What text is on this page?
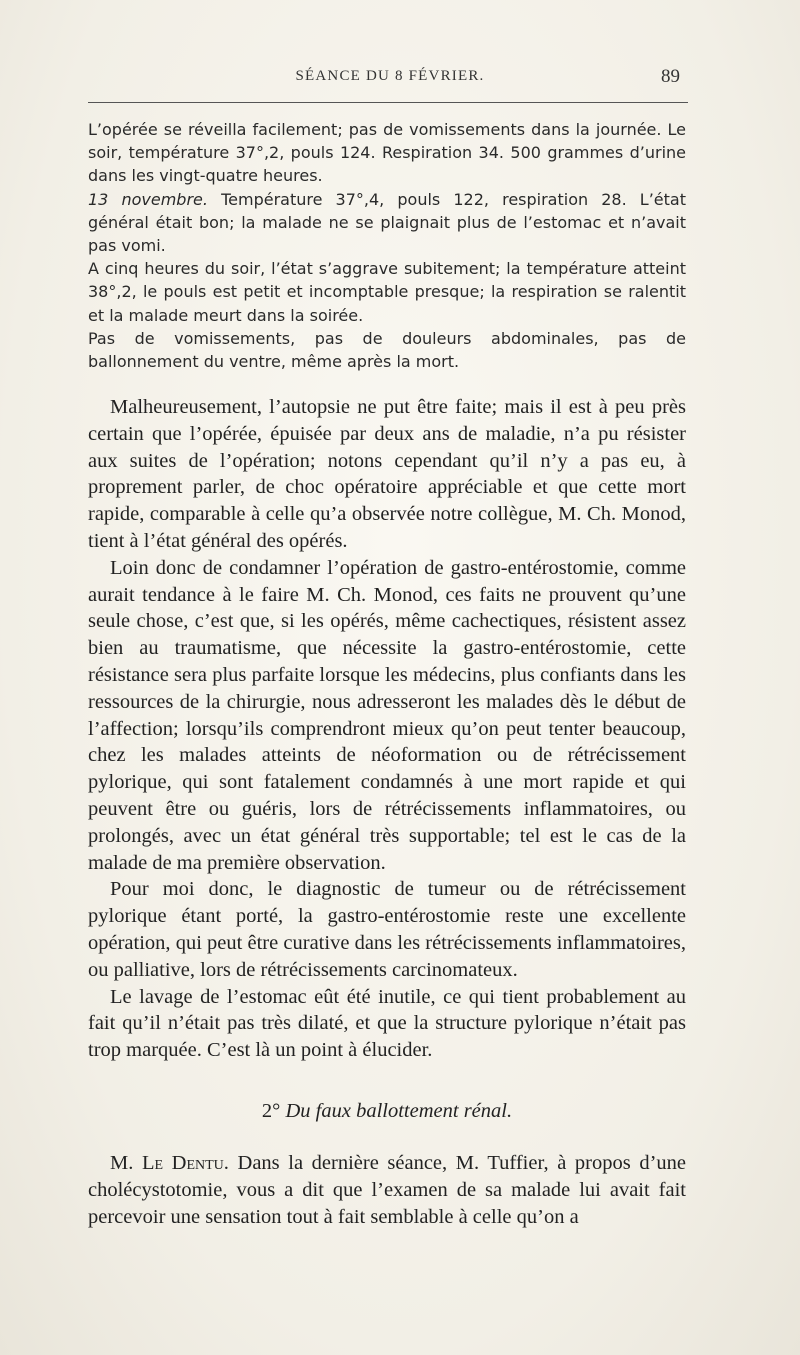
SÉANCE DU 8 FÉVRIER.	89

L’opérée se réveilla facilement; pas de vomissements dans la journée. Le soir, température 37°,2, pouls 124. Respiration 34. 500 grammes d’urine dans les vingt-quatre heures.

13 novembre. Température 37°,4, pouls 122, respiration 28. L’état général était bon; la malade ne se plaignait plus de l’estomac et n’avait pas vomi.

A cinq heures du soir, l’état s’aggrave subitement; la température atteint 38°,2, le pouls est petit et incomptable presque; la respiration se ralentit et la malade meurt dans la soirée.

Pas de vomissements, pas de douleurs abdominales, pas de ballonnement du ventre, même après la mort.

Malheureusement, l’autopsie ne put être faite; mais il est à peu près certain que l’opérée, épuisée par deux ans de maladie, n’a pu résister aux suites de l’opération; notons cependant qu’il n’y a pas eu, à proprement parler, de choc opératoire appréciable et que cette mort rapide, comparable à celle qu’a observée notre collègue, M. Ch. Monod, tient à l’état général des opérés.

Loin donc de condamner l’opération de gastro-entérostomie, comme aurait tendance à le faire M. Ch. Monod, ces faits ne prouvent qu’une seule chose, c’est que, si les opérés, même cachectiques, résistent assez bien au traumatisme, que nécessite la gastro-entérostomie, cette résistance sera plus parfaite lorsque les médecins, plus confiants dans les ressources de la chirurgie, nous adresseront les malades dès le début de l’affection; lorsqu’ils comprendront mieux qu’on peut tenter beaucoup, chez les malades atteints de néoformation ou de rétrécissement pylorique, qui sont fatalement condamnés à une mort rapide et qui peuvent être ou guéris, lors de rétrécissements inflammatoires, ou prolongés, avec un état général très supportable; tel est le cas de la malade de ma première observation.

Pour moi donc, le diagnostic de tumeur ou de rétrécissement pylorique étant porté, la gastro-entérostomie reste une excellente opération, qui peut être curative dans les rétrécissements inflammatoires, ou palliative, lors de rétrécissements carcinomateux.

Le lavage de l’estomac eût été inutile, ce qui tient probablement au fait qu’il n’était pas très dilaté, et que la structure pylorique n’était pas trop marquée. C’est là un point à élucider.

2° Du faux ballottement rénal.

M. Le Dentu. Dans la dernière séance, M. Tuffier, à propos d’une cholécystotomie, vous a dit que l’examen de sa malade lui avait fait percevoir une sensation tout à fait semblable à celle qu’on a
